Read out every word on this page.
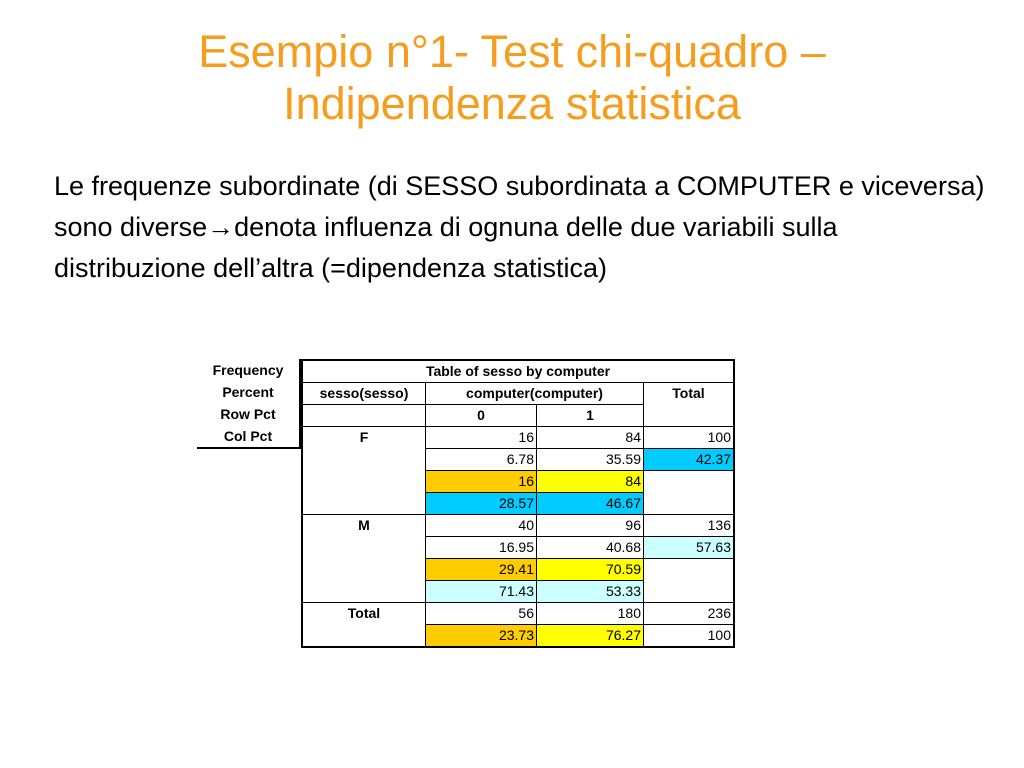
Esempio n°1- Test chi-quadro –
Indipendenza statistica
Le frequenze subordinate (di SESSO subordinata a COMPUTER e viceversa) sono diverse→denota influenza di ognuna delle due variabili sulla distribuzione dell’altra (=dipendenza statistica)
Frequency
Percent
Row Pct
Col Pct
Table of sesso by computer			
sesso(sesso)	computer(computer)		Total
	0	1	
F	16	84	100
	6.78	35.59	42.37
	16	84	
	28.57	46.67	
M	40	96	136
	16.95	40.68	57.63
	29.41	70.59	
	71.43	53.33	
Total	56	180	236
	23.73	76.27	100
